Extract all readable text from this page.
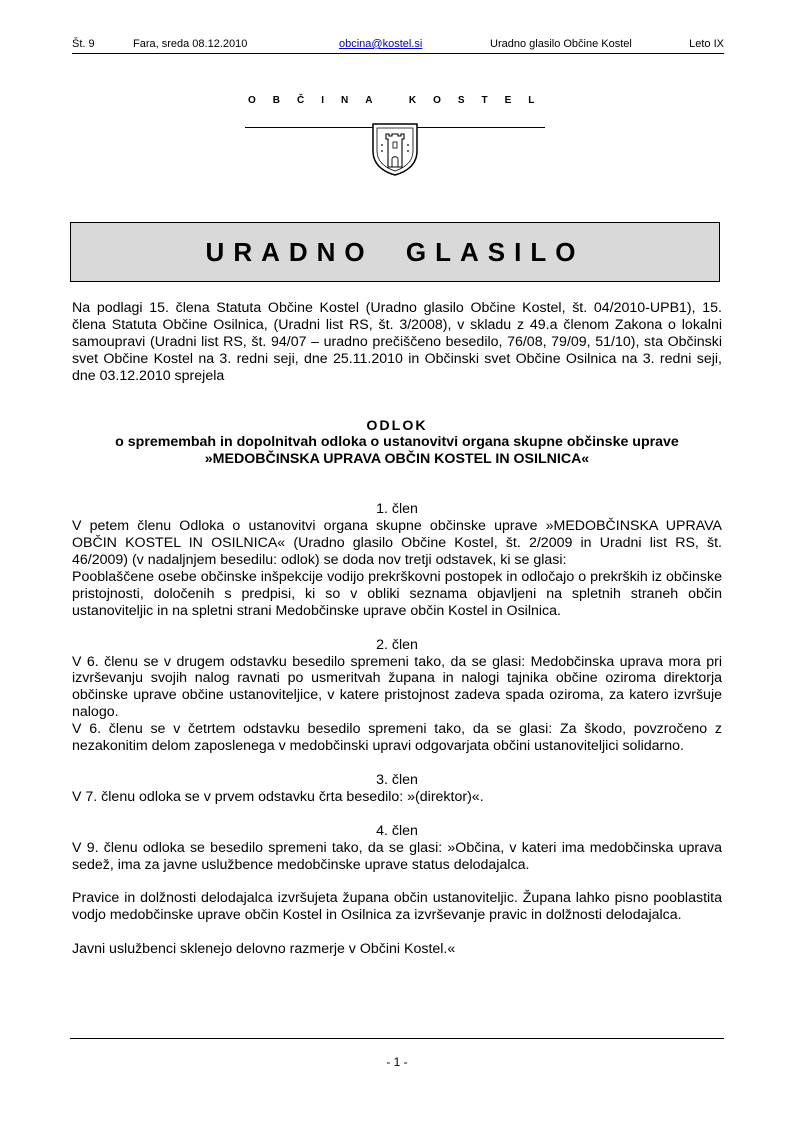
Št. 9	Fara, sreda 08.12.2010	obcina@kostel.si	Uradno glasilo Občine Kostel	Leto IX
OBČINA KOSTEL
URADNO GLASILO

Na podlagi 15. člena Statuta Občine Kostel (Uradno glasilo Občine Kostel, št. 04/2010-UPB1), 15. člena Statuta Občine Osilnica, (Uradni list RS, št. 3/2008), v skladu z 49.a členom Zakona o lokalni samoupravi (Uradni list RS, št. 94/07 – uradno prečiščeno besedilo, 76/08, 79/09, 51/10), sta Občinski svet Občine Kostel na 3. redni seji, dne 25.11.2010 in Občinski svet Občine Osilnica na 3. redni seji, dne 03.12.2010 sprejela

ODLOK

o spremembah in dopolnitvah odloka o ustanovitvi organa skupne občinske uprave

»MEDOBČINSKA UPRAVA OBČIN KOSTEL IN OSILNICA«

1. člen

V petem členu Odloka o ustanovitvi organa skupne občinske uprave »MEDOBČINSKA UPRAVA OBČIN KOSTEL IN OSILNICA« (Uradno glasilo Občine Kostel, št. 2/2009 in Uradni list RS, št. 46/2009) (v nadaljnjem besedilu: odlok) se doda nov tretji odstavek, ki se glasi:

Pooblaščene osebe občinske inšpekcije vodijo prekrškovni postopek in odločajo o prekrških iz občinske pristojnosti, določenih s predpisi, ki so v obliki seznama objavljeni na spletnih straneh občin ustanoviteljic in na spletni strani Medobčinske uprave občin Kostel in Osilnica.

2. člen

V 6. členu se v drugem odstavku besedilo spremeni tako, da se glasi: Medobčinska uprava mora pri izvrševanju svojih nalog ravnati po usmeritvah župana in nalogi tajnika občine oziroma direktorja občinske uprave občine ustanoviteljice, v katere pristojnost zadeva spada oziroma, za katero izvršuje nalogo.

V 6. členu se v četrtem odstavku besedilo spremeni tako, da se glasi: Za škodo, povzročeno z nezakonitim delom zaposlenega v medobčinski upravi odgovarjata občini ustanoviteljici solidarno.

3. člen

V 7. členu odloka se v prvem odstavku črta besedilo: »(direktor)«.

4. člen

V 9. členu odloka se besedilo spremeni tako, da se glasi: »Občina, v kateri ima medobčinska uprava sedež, ima za javne uslužbence medobčinske uprave status delodajalca.

Pravice in dolžnosti delodajalca izvršujeta župana občin ustanoviteljic. Župana lahko pisno pooblastita vodjo medobčinske uprave občin Kostel in Osilnica za izvrševanje pravic in dolžnosti delodajalca.

Javni uslužbenci sklenejo delovno razmerje v Občini Kostel.«

- 1 -
